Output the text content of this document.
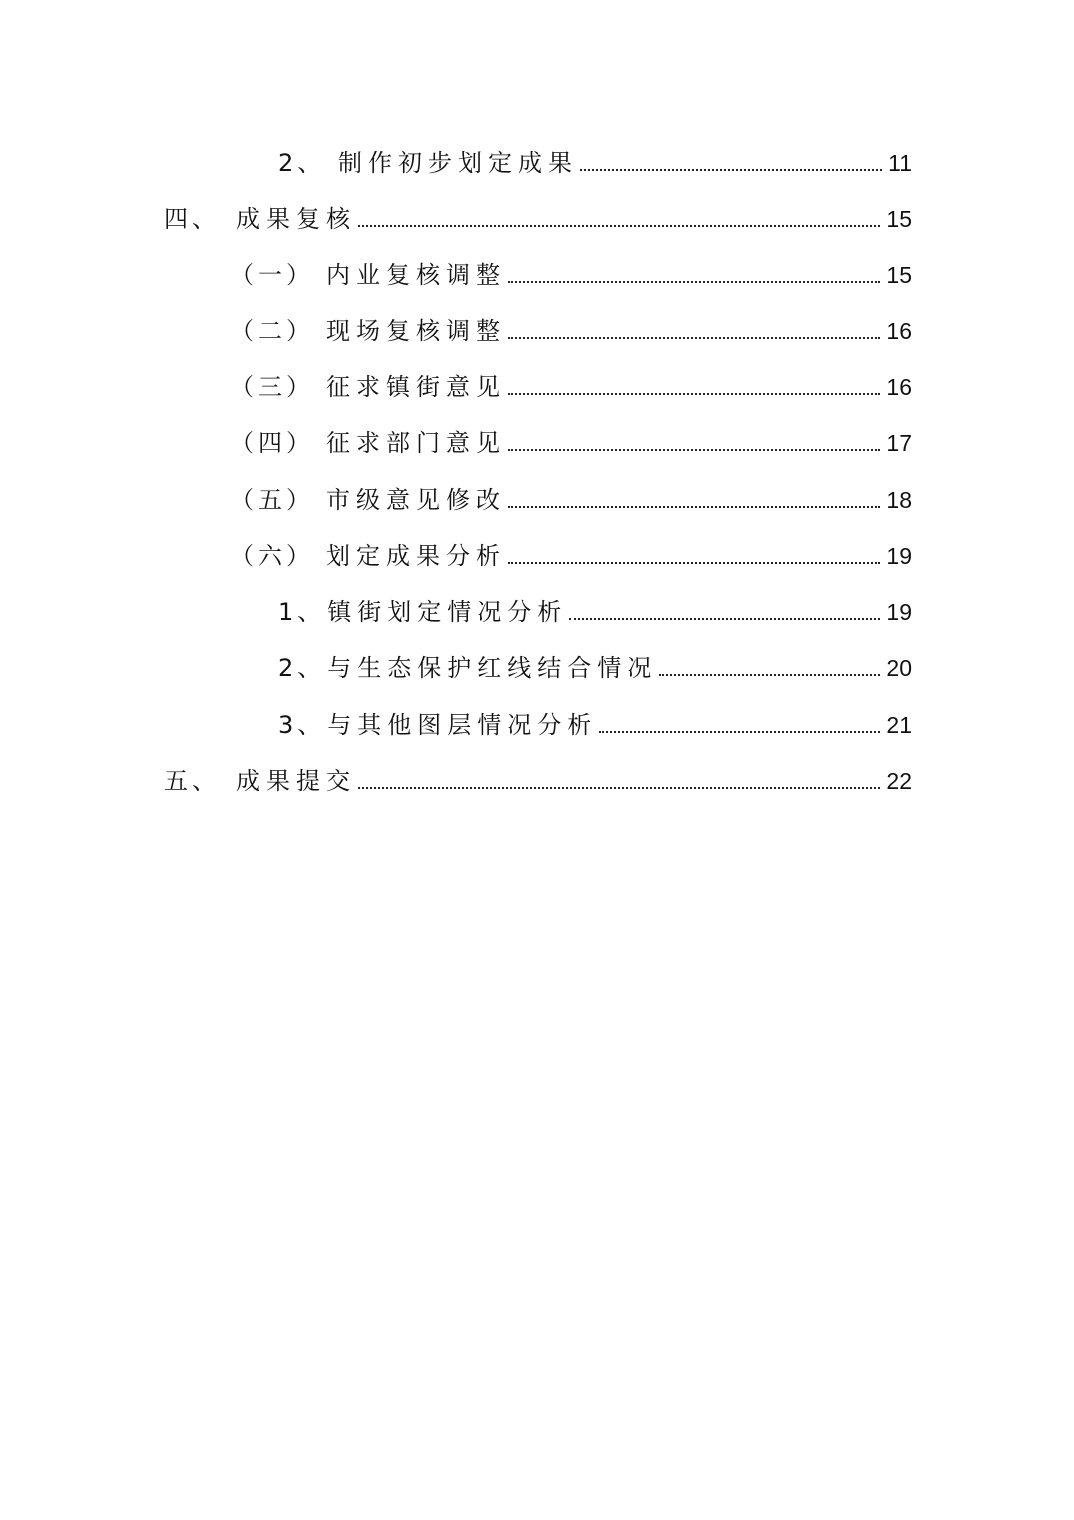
2、 制作初步划定成果	11
四、 成果复核	15
（一） 内业复核调整	15
（二） 现场复核调整	16
（三） 征求镇街意见	16
（四） 征求部门意见	17
（五） 市级意见修改	18
（六） 划定成果分析	19
1、 镇街划定情况分析	19
2、 与生态保护红线结合情况	20
3、 与其他图层情况分析	21
五、 成果提交	22
